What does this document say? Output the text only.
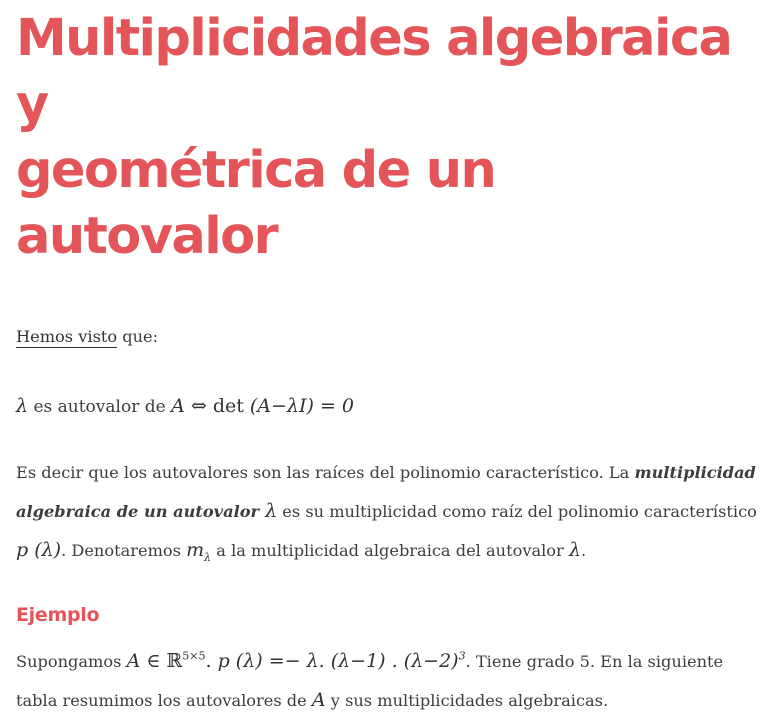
Multiplicidades algebraica y
geométrica de un autovalor

Hemos visto que:

λ es autovalor de A ⇔ det (A−λI) = 0

Es decir que los autovalores son las raíces del polinomio característico. La multiplicidad algebraica de un autovalor λ es su multiplicidad como raíz del polinomio característico p (λ). Denotaremos $m_\lambda$ a la multiplicidad algebraica del autovalor λ.

Ejemplo

Supongamos A ∈ ℝ$^{5\times 5}$. p (λ) =− λ. (λ−1) . $(\lambda-2)^3$. Tiene grado 5. En la siguiente tabla resumimos los autovalores de A y sus multiplicidades algebraicas.
